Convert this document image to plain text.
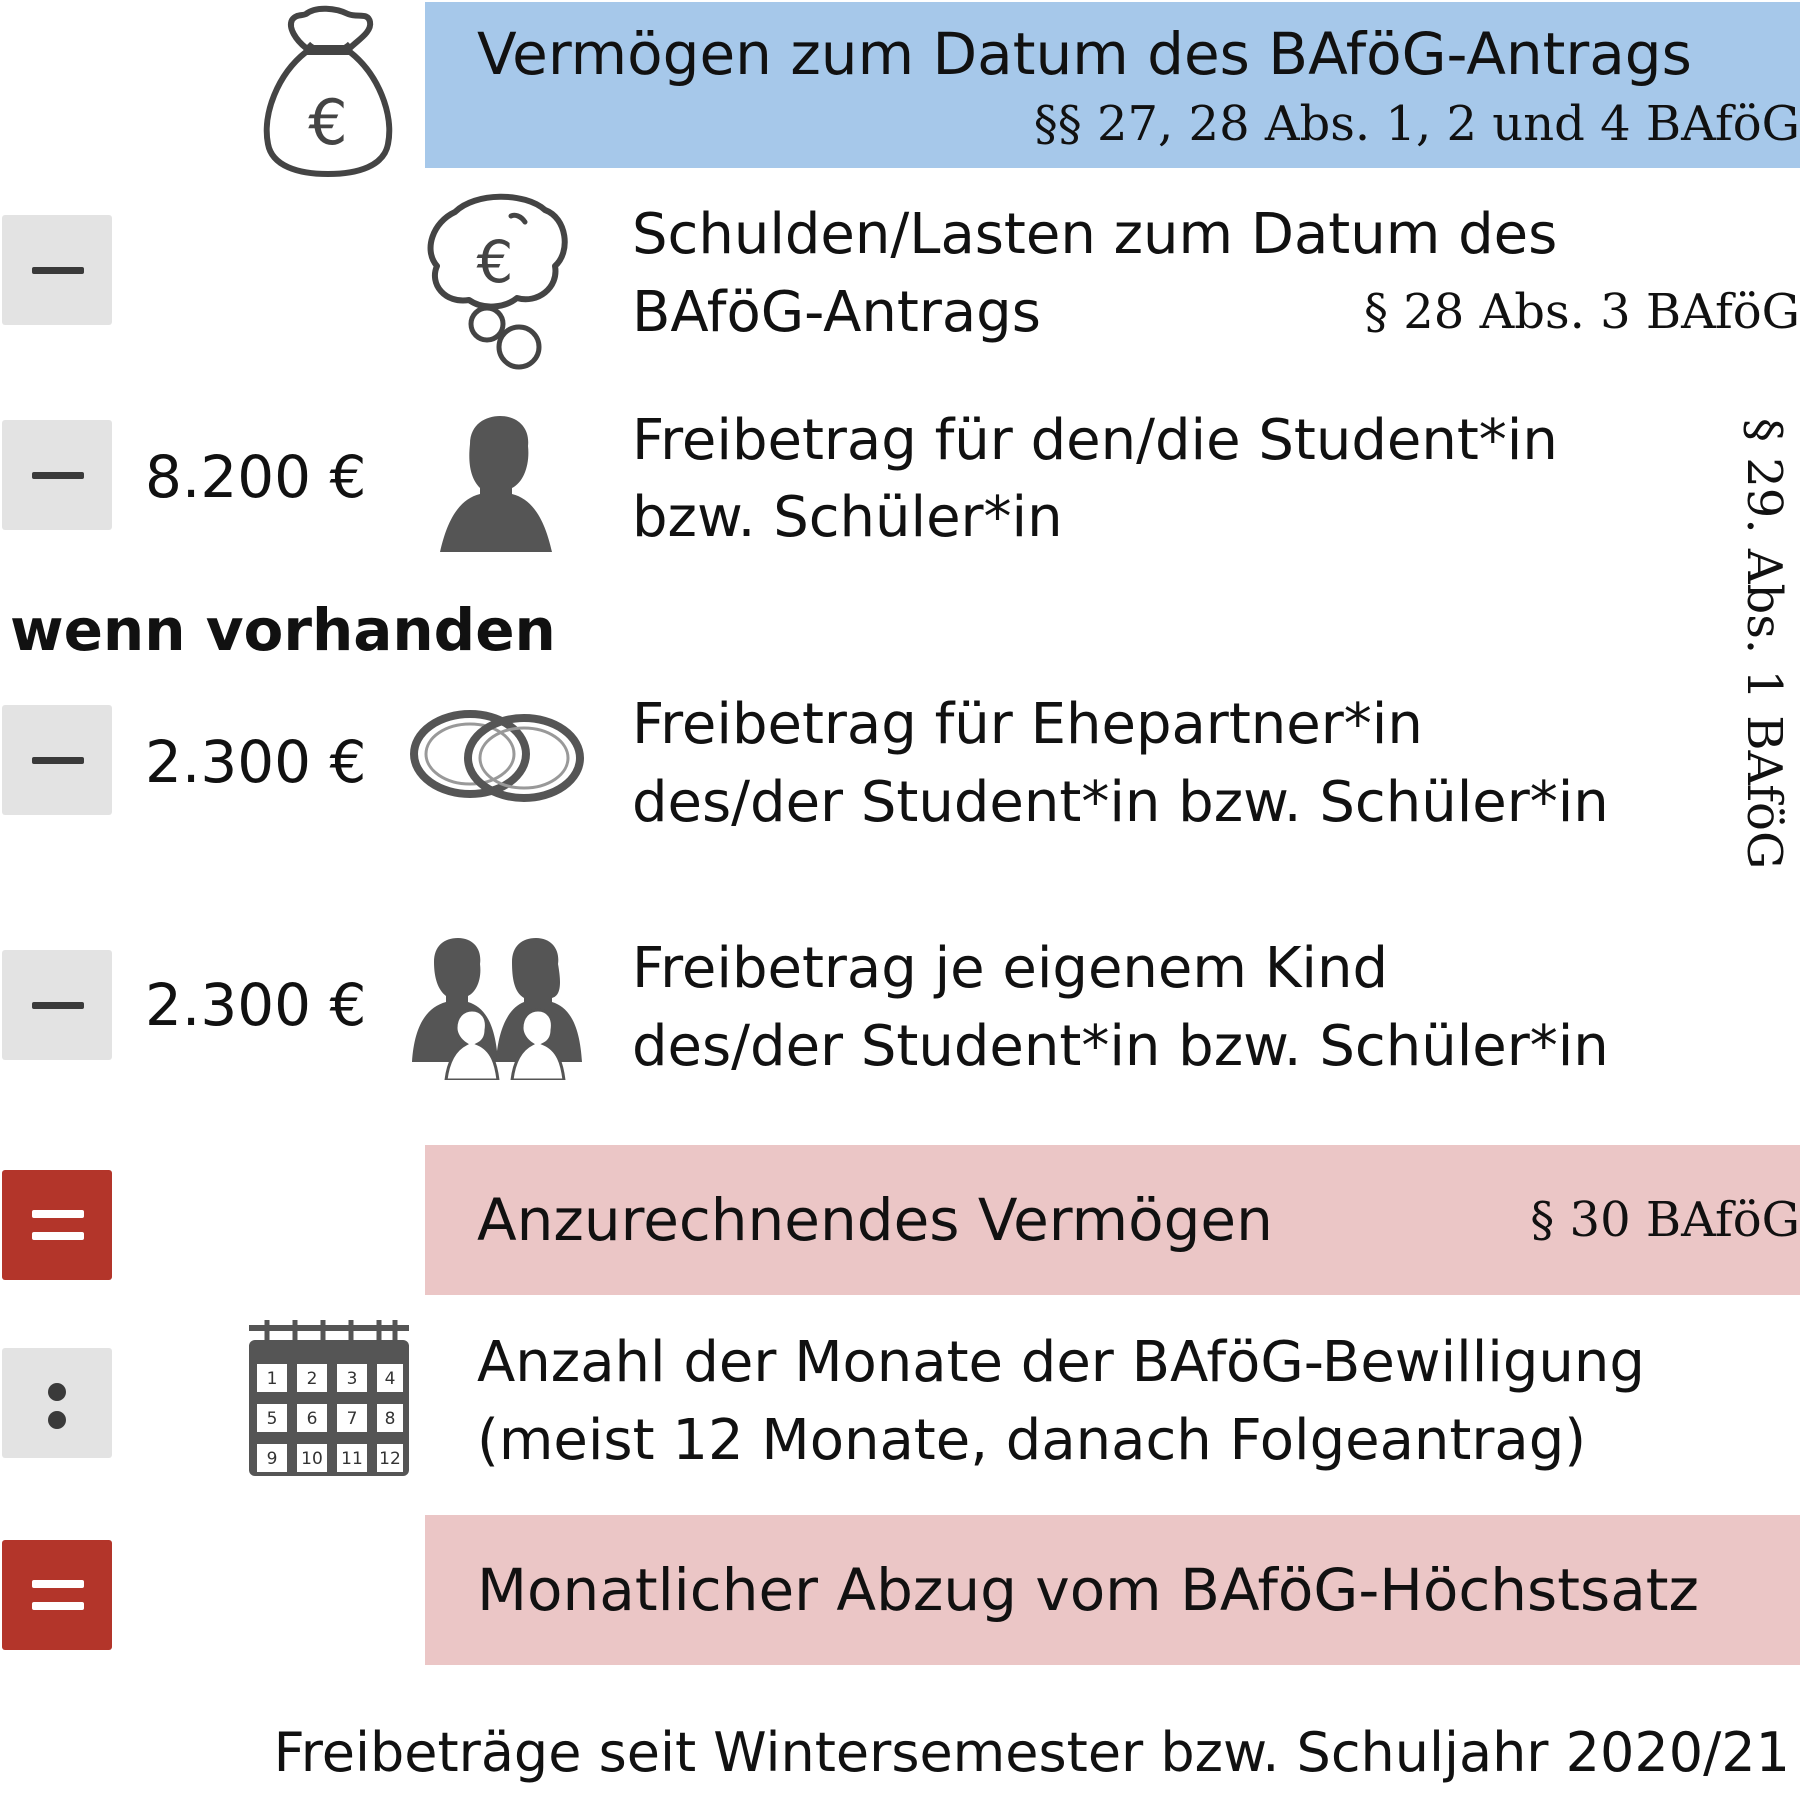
€
Vermögen zum Datum des BAföG-Antrags
§§ 27, 28 Abs. 1, 2 und 4 BAföG
€ Schulden/Lasten zum Datum des
BAföG-Antrags	§ 28 Abs. 3 BAföG
8.200 €
Freibetrag für den/die Student*in
bzw. Schüler*in
wenn vorhanden
2.300 €
Freibetrag für Ehepartner*in
des/der Student*in bzw. Schüler*in	§ 29. Abs. 1 BAföG
2.300 €
Freibetrag je eigenem Kind
des/der Student*in bzw. Schüler*in
Anzurechnendes Vermögen	§ 30 BAföG
1 2 3 4
5 6 7 8
9 10 11 12
Anzahl der Monate der BAföG-Bewilligung
(meist 12 Monate, danach Folgeantrag)
Monatlicher Abzug vom BAföG-Höchstsatz
Freibeträge seit Wintersemester bzw. Schuljahr 2020/21
